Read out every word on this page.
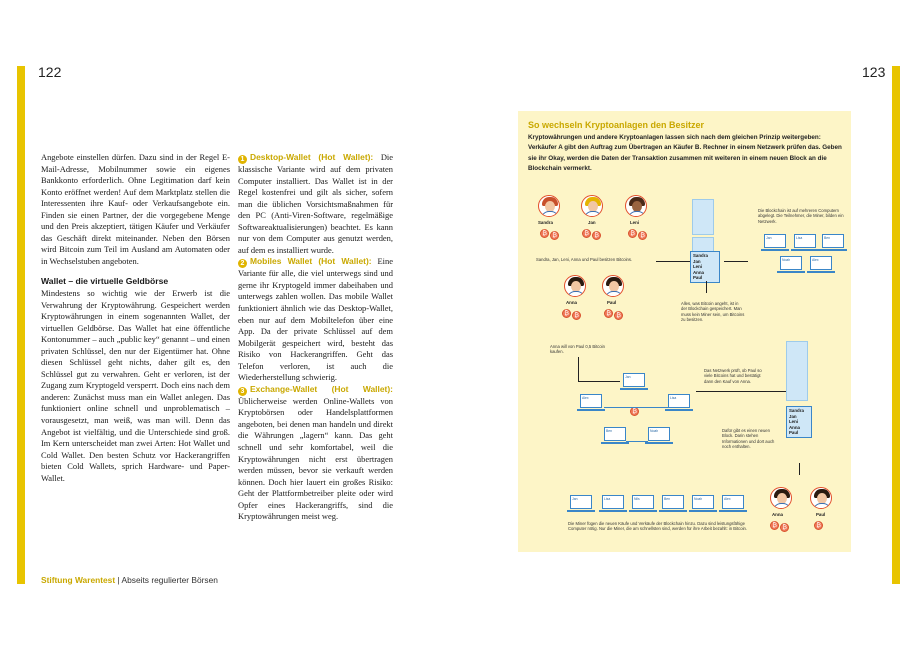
122	123

Angebote einstellen dürfen. Dazu sind in der Regel E-Mail-Adresse, Mobilnummer sowie ein eigenes Bankkonto erforderlich. Ohne Legitimation darf kein Konto eröffnet werden! Auf dem Marktplatz stellen die Interessenten ihre Kauf- oder Verkaufsangebote ein. Finden sie einen Partner, der die vorgegebene Menge und den Preis akzeptiert, tätigen Käufer und Verkäufer das Geschäft direkt miteinander. Neben den Börsen wird Bitcoin zum Teil im Ausland am Automaten oder in Wechselstuben angeboten.

Wallet – die virtuelle Geldbörse

Mindestens so wichtig wie der Erwerb ist die Verwahrung der Kryptowährung. Gespeichert werden Kryptowährungen in einem sogenannten Wallet, der virtuellen Geldbörse. Das Wallet hat eine öffentliche Kontonummer – auch „public key“ genannt – und einen privaten Schlüssel, den nur der Eigentümer hat. Ohne diesen Schlüssel geht nichts, daher gilt es, den Schlüssel gut zu verwahren. Geht er verloren, ist der Zugang zum Kryptogeld versperrt. Doch eins nach dem anderen: Zunächst muss man ein Wallet anlegen. Das funktioniert online schnell und unproblematisch – vorausgesetzt, man weiß, was man will. Denn das Angebot ist vielfältig, und die Unterschiede sind groß. Im Kern unterscheidet man zwei Arten: Hot Wallet und Cold Wallet. Den besten Schutz vor Hackerangriffen bieten Cold Wallets, sprich Hardware- und Paper-Wallet.

1 Desktop-Wallet (Hot Wallet): Die klassische Variante wird auf dem privaten Computer installiert. Das Wallet ist in der Regel kostenfrei und gilt als sicher, sofern man die üblichen Vorsichtsmaßnahmen für den PC (Anti-Viren-Software, regelmäßige Softwareaktualisierungen) beachtet. Es kann nur von dem Computer aus genutzt werden, auf dem es installiert wurde.

2 Mobiles Wallet (Hot Wallet): Eine Variante für alle, die viel unterwegs sind und gerne ihr Kryptogeld immer dabeihaben und unterwegs zahlen wollen. Das mobile Wallet funktioniert ähnlich wie das Desktop-Wallet, eben nur auf dem Mobiltelefon über eine App. Da der private Schlüssel auf dem Mobilgerät gespeichert wird, besteht das Risiko von Hackerangriffen. Geht das Telefon verloren, ist auch die Wiederherstellung schwierig.

3 Exchange-Wallet (Hot Wallet): Üblicherweise werden Online-Wallets von Kryptobörsen oder Handelsplattformen angeboten, bei denen man handeln und direkt die Währungen „lagern“ kann. Das geht schnell und sehr komfortabel, weil die Kryptowährungen nicht erst übertragen werden müssen, bevor sie verkauft werden können. Doch hier lauert ein großes Risiko: Geht der Plattformbetreiber pleite oder wird Opfer eines Hackerangriffs, sind die Kryptowährungen meist weg.

Stiftung Warentest | Abseits regulierter Börsen
So wechseln Kryptoanlagen den Besitzer
Kryptowährungen und andere Kryptoanlagen lassen sich nach dem gleichen Prinzip weitergeben: Verkäufer A gibt den Auftrag zum Übertragen an Käufer B. Rechner in einem Netzwerk prüfen das. Geben sie ihr Okay, werden die Daten der Transaktion zusammen mit weiteren in einem neuen Block an die Blockchain vermerkt.
Sandra
₿
₿	Jan
₿
₿	Leni
₿
₿
Sandra, Jan, Leni, Anna und Paul besitzen Bitcoins.
Anna
₿
₿	Paul
₿
₿
Sandra
Jan
Leni
Anna
Paul
Alles, was Bitcoin angeht, ist in der Blockchain gespeichert. Man muss kein Miner sein, um Bitcoins zu besitzen.
Die Blockchain ist auf mehreren Computern abgelegt. Die Teilnehmer, die Miner, bilden ein Netzwerk.
Jan	Lisa	Ben
Noah	Alex
Anna will von Paul 0,5 Bitcoin kaufen.
Jan
Alex	Lisa
Ben	Noah
₿
Das Netzwerk prüft, ob Paul so viele Bitcoins hat und bestätigt dann den Kauf von Anna.
Sandra
Jan
Leni
Anna
Paul
Dafür gibt es einen neuen Block. Darin stehen Informationen und dort auch noch enthalten.
Jan	Lisa	Nils	Ben	Noah	Alex
Die Miner fügen die neuen Käufe und Verkäufe der Blockchain hinzu. Dazu sind leistungsfähige Computer nötig. Nur die Miner, die am schnellsten sind, werden für ihre Arbeit bezahlt: in Bitcoin.
Anna
₿
₿	Paul
₿
